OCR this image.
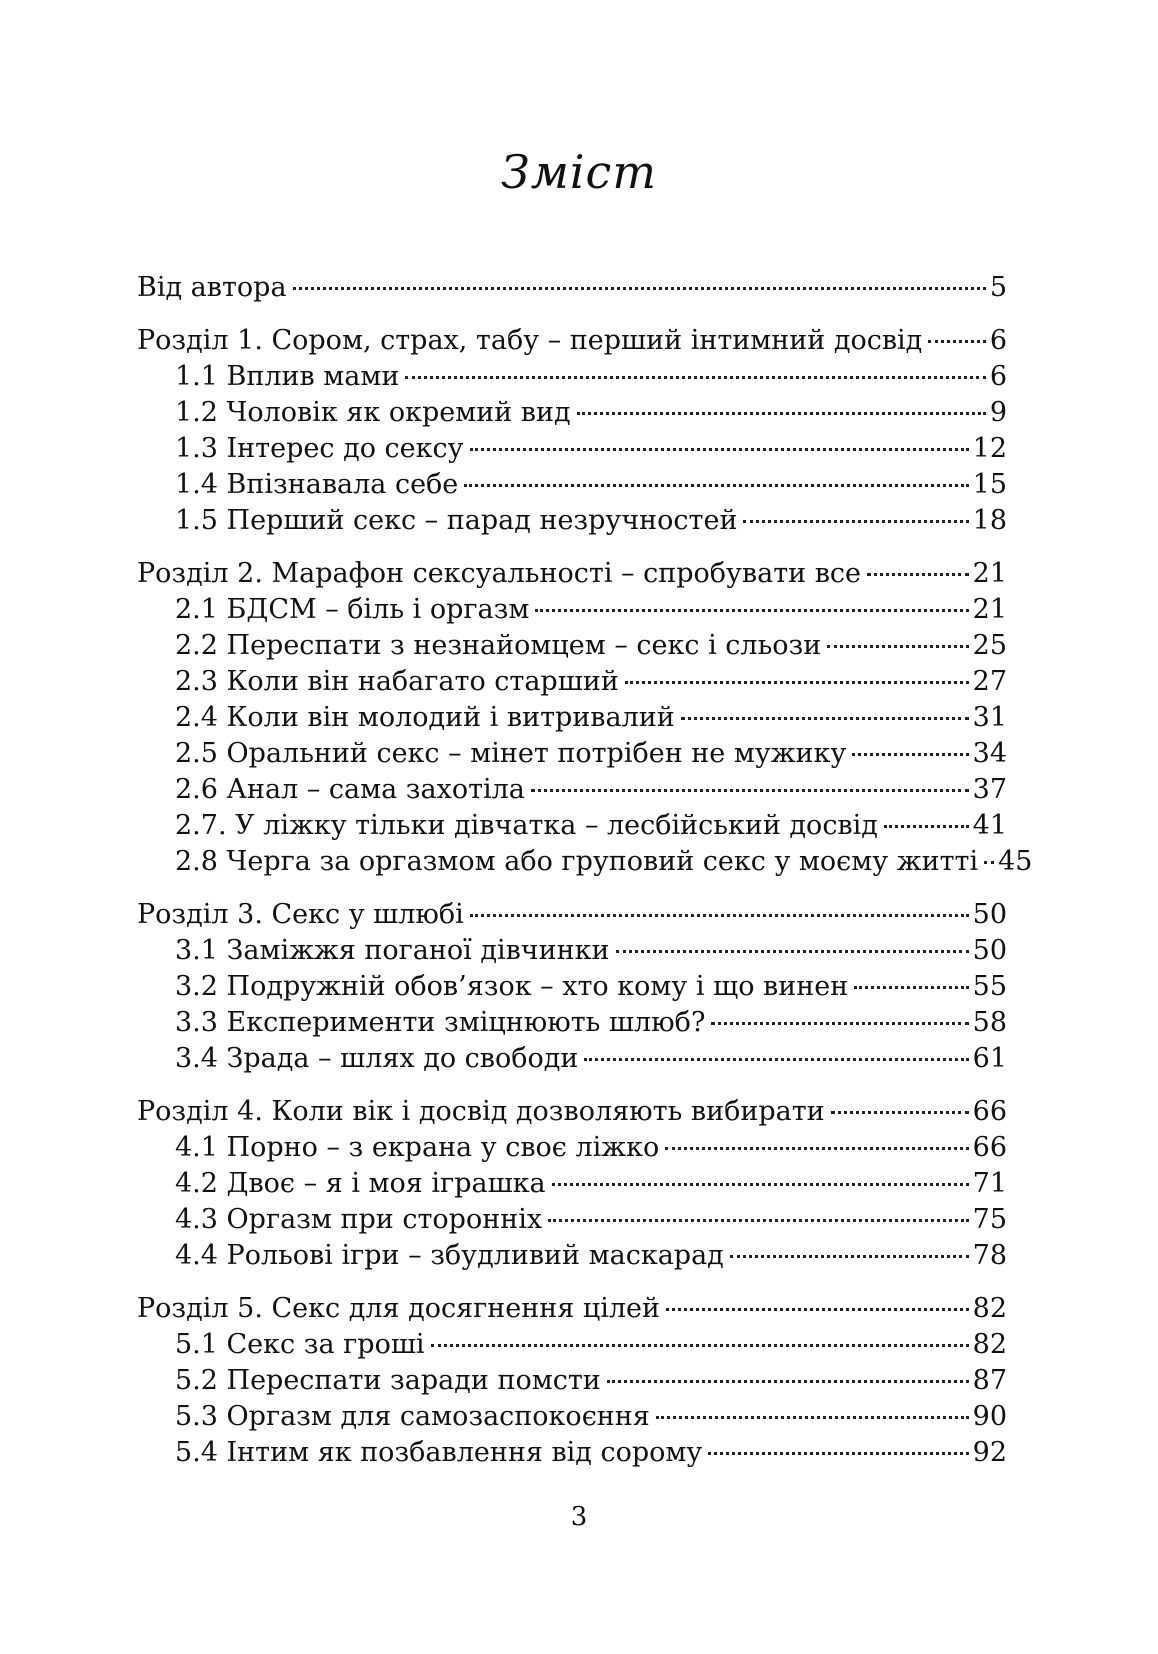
Зміст
Від автора	5
Розділ 1. Сором, страх, табу – перший інтимний досвід	6
1.1 Вплив мами	6
1.2 Чоловік як окремий вид	9
1.3 Інтерес до сексу	12
1.4 Впізнавала себе	15
1.5 Перший секс – парад незручностей	18
Розділ 2. Марафон сексуальності – спробувати все	21
2.1 БДСМ – біль і оргазм	21
2.2 Переспати з незнайомцем – секс і сльози	25
2.3 Коли він набагато старший	27
2.4 Коли він молодий і витривалий	31
2.5 Оральний секс – мінет потрібен не мужику	34
2.6 Анал – сама захотіла	37
2.7. У ліжку тільки дівчатка – лесбійський досвід	41
2.8 Черга за оргазмом або груповий секс у моєму житті 45
Розділ 3. Секс у шлюбі	50
3.1 Заміжжя поганої дівчинки	50
3.2 Подружній обов’язок – хто кому і що винен	55
3.3 Експерименти зміцнюють шлюб?	58
3.4 Зрада – шлях до свободи	61
Розділ 4. Коли вік і досвід дозволяють вибирати	66
4.1 Порно – з екрана у своє ліжко	66
4.2 Двоє – я і моя іграшка	71
4.3 Оргазм при сторонніх	75
4.4 Рольові ігри – збудливий маскарад	78
Розділ 5. Секс для досягнення цілей	82
5.1 Секс за гроші	82
5.2 Переспати заради помсти	87
5.3 Оргазм для самозаспокоєння	90
5.4 Інтим як позбавлення від сорому	92
3
